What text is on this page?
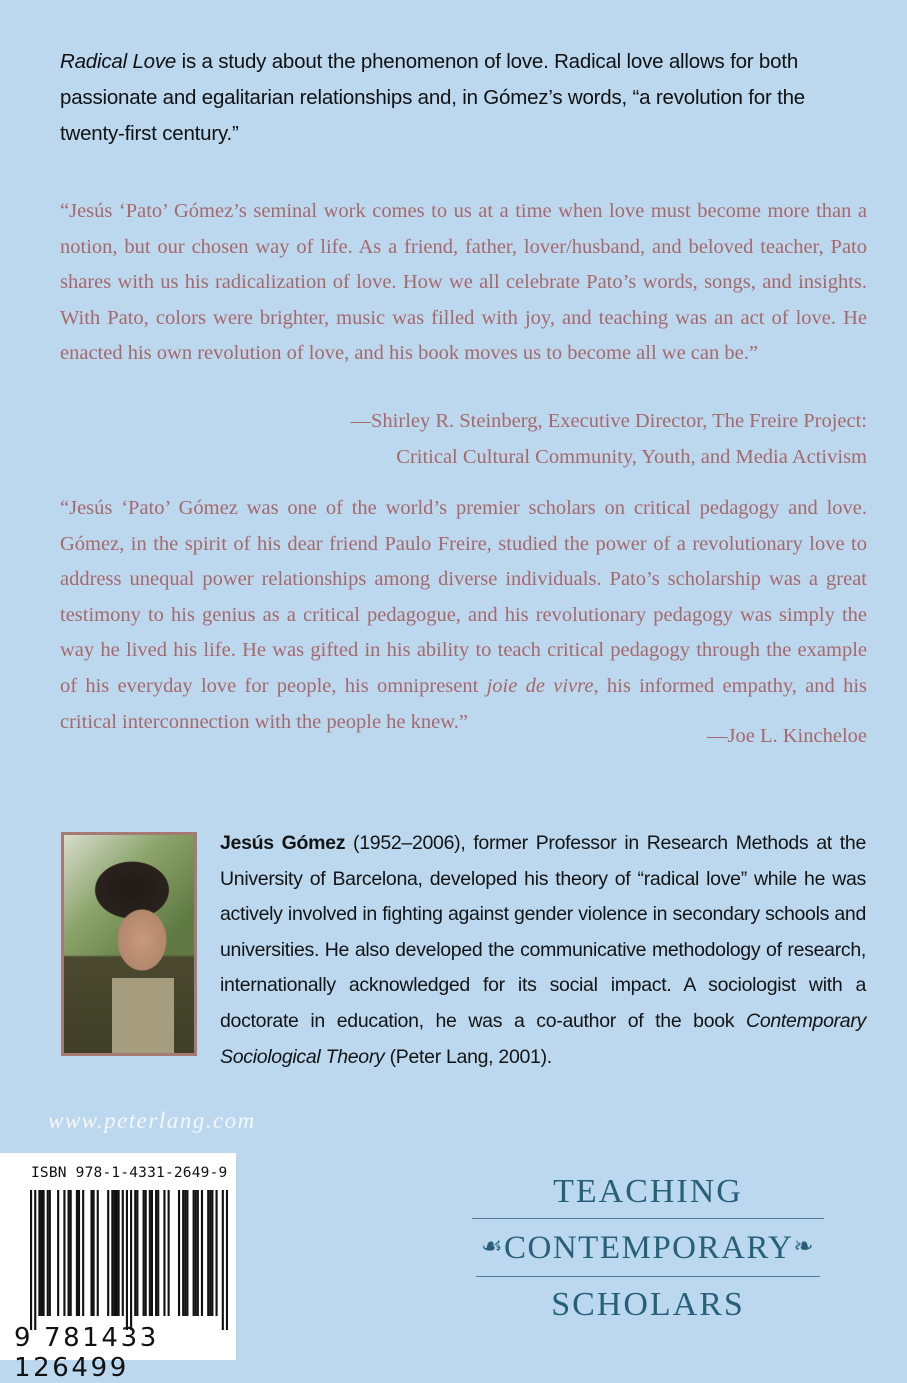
Radical Love is a study about the phenomenon of love. Radical love allows for both passionate and egalitarian relationships and, in Gómez’s words, “a revolution for the twenty-first century.”
“Jesús ‘Pato’ Gómez’s seminal work comes to us at a time when love must become more than a notion, but our chosen way of life. As a friend, father, lover/husband, and beloved teacher, Pato shares with us his radicalization of love. How we all celebrate Pato’s words, songs, and insights. With Pato, colors were brighter, music was filled with joy, and teaching was an act of love. He enacted his own revolution of love, and his book moves us to become all we can be.”
—Shirley R. Steinberg, Executive Director, The Freire Project:
Critical Cultural Community, Youth, and Media Activism
“Jesús ‘Pato’ Gómez was one of the world’s premier scholars on critical pedagogy and love. Gómez, in the spirit of his dear friend Paulo Freire, studied the power of a revolutionary love to address unequal power relationships among diverse individuals. Pato’s scholarship was a great testimony to his genius as a critical pedagogue, and his revolutionary pedagogy was simply the way he lived his life. He was gifted in his ability to teach critical pedagogy through the example of his everyday love for people, his omnipresent joie de vivre, his informed empathy, and his critical interconnection with the people he knew.”
—Joe L. Kincheloe
Jesús Gómez (1952–2006), former Professor in Research Methods at the University of Barcelona, developed his theory of “radical love” while he was actively involved in fighting against gender violence in secondary schools and universities. He also developed the communicative methodology of research, internationally acknowledged for its social impact. A sociologist with a doctorate in education, he was a co-author of the book Contemporary Sociological Theory (Peter Lang, 2001).
www.peterlang.com
ISBN 978-1-4331-2649-9
9 781433 126499
TEACHING
☙CONTEMPORARY❧
SCHOLARS
